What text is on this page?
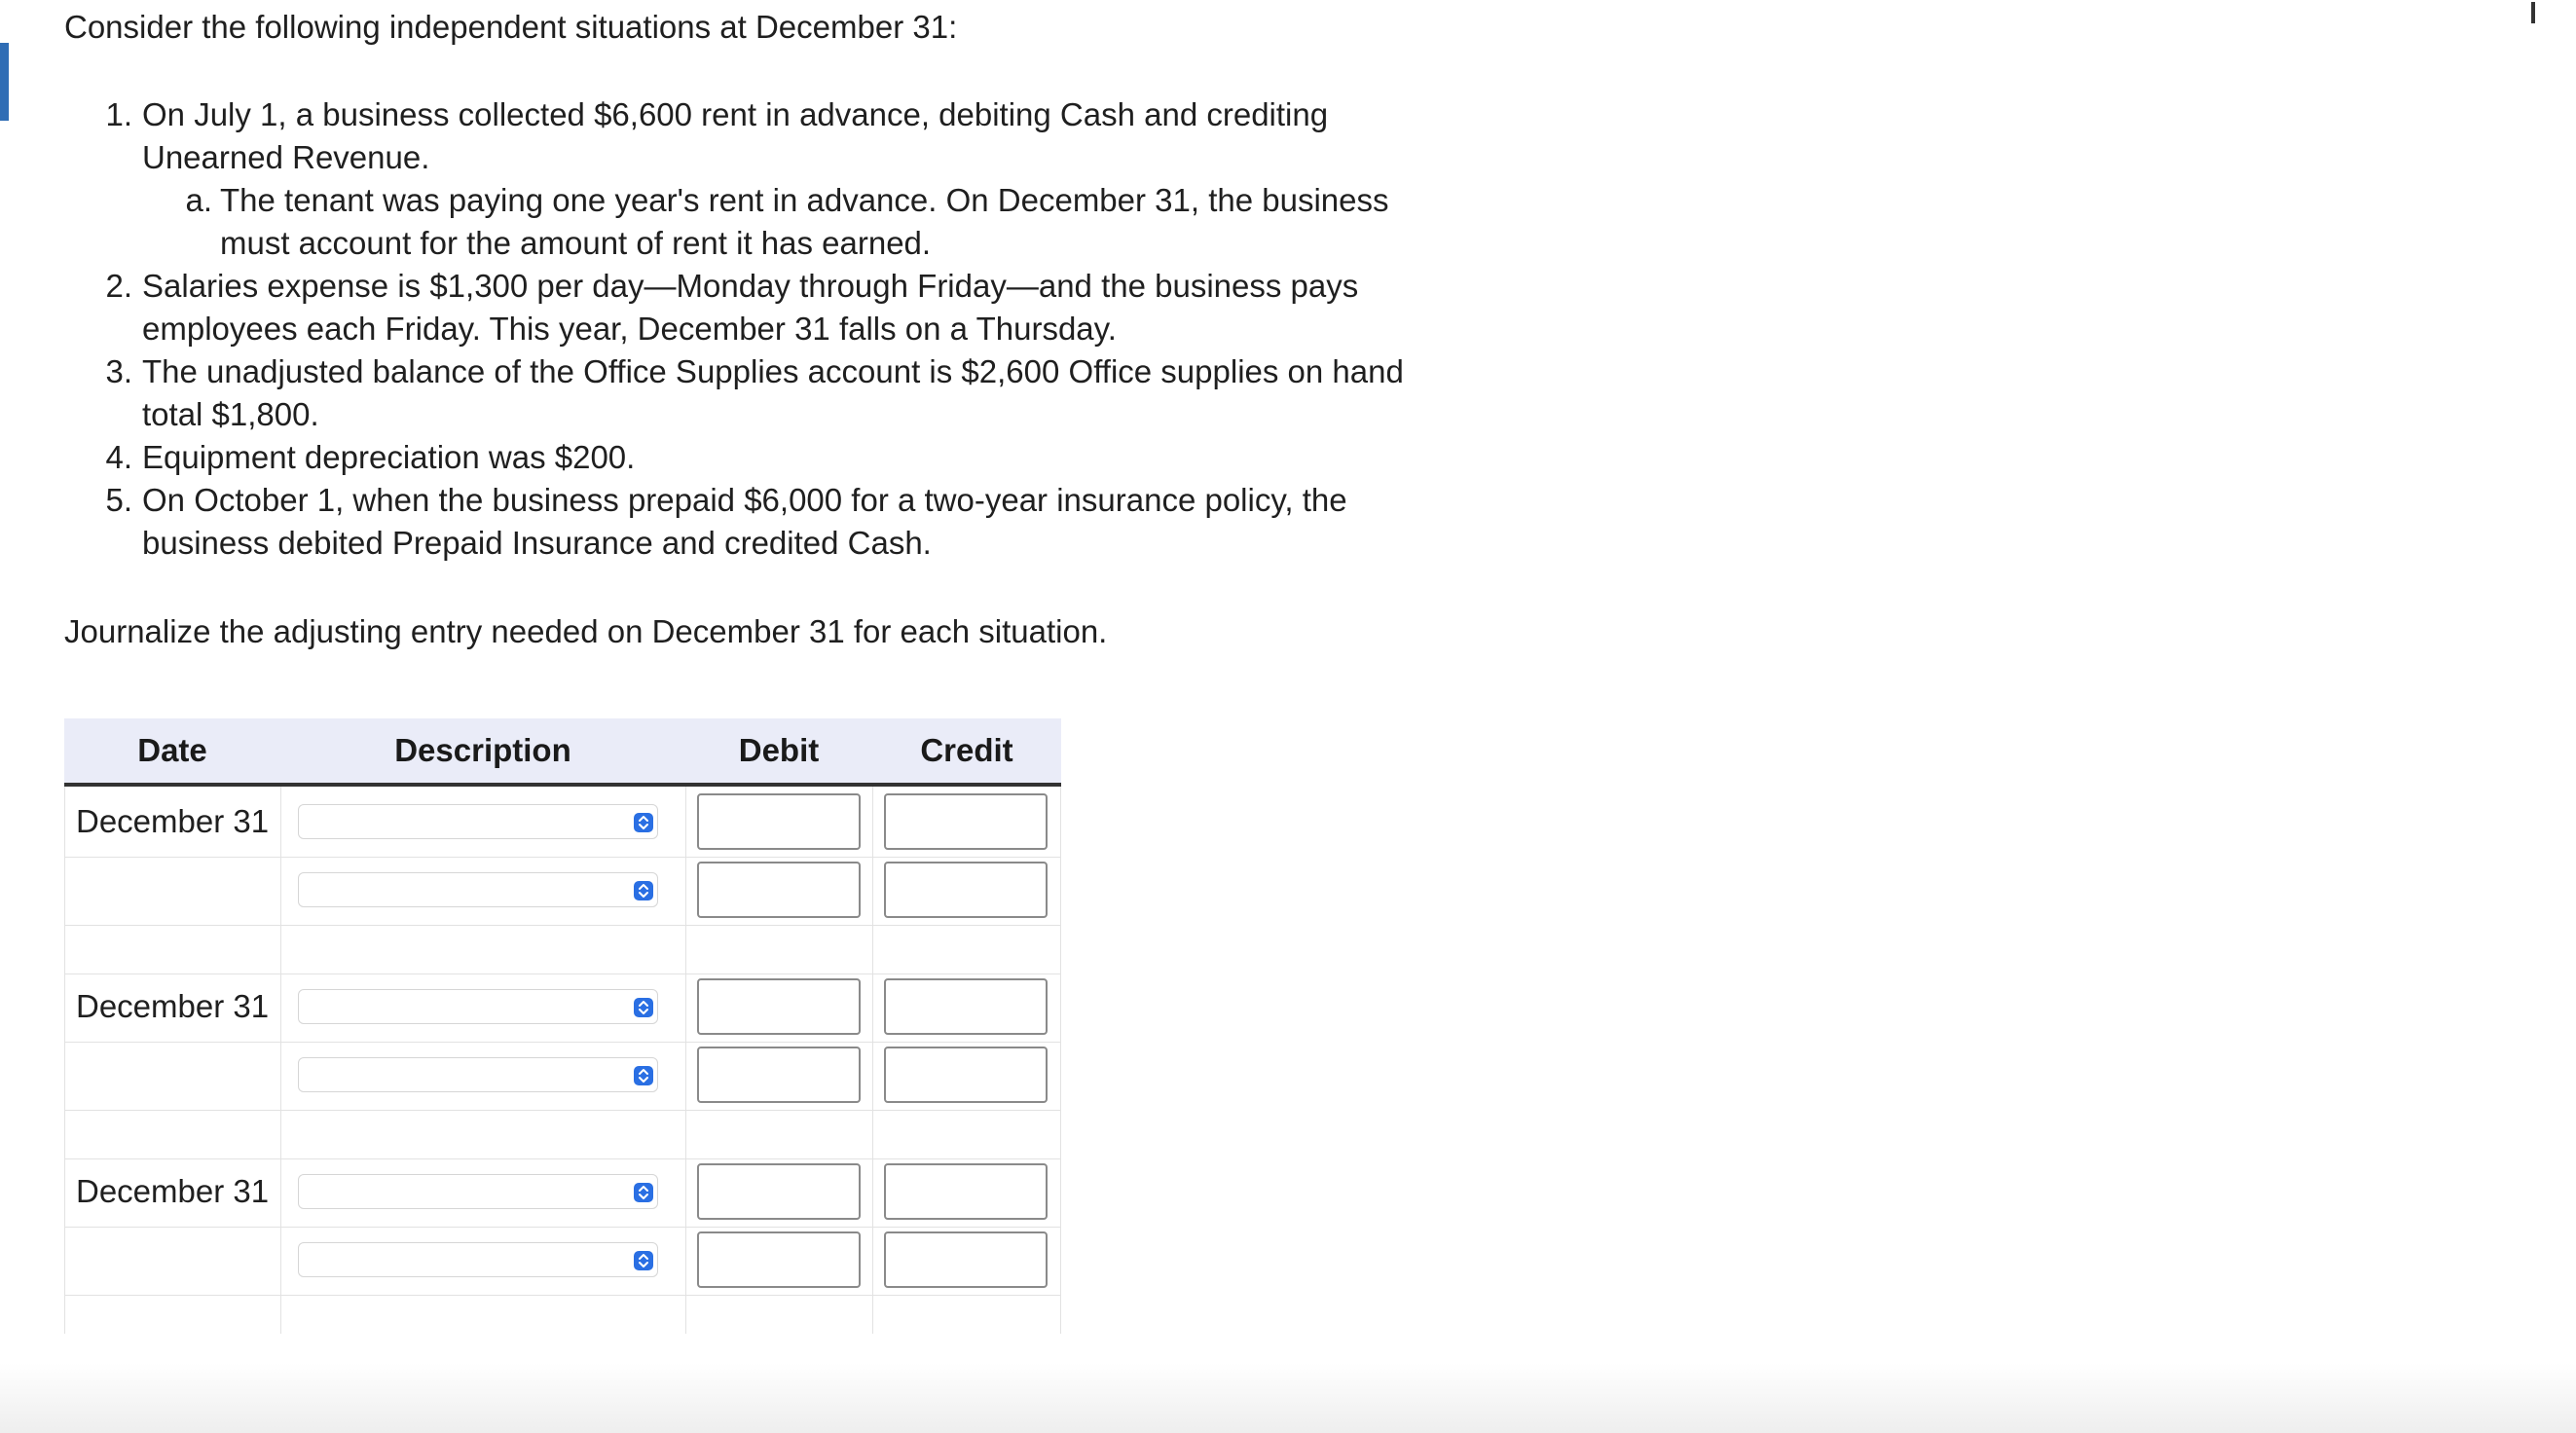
Consider the following independent situations at December 31:
1. On July 1, a business collected $6,600 rent in advance, debiting Cash and crediting
Unearned Revenue.
a. The tenant was paying one year's rent in advance. On December 31, the business
must account for the amount of rent it has earned.
2. Salaries expense is $1,300 per day—Monday through Friday—and the business pays
employees each Friday. This year, December 31 falls on a Thursday.
3. The unadjusted balance of the Office Supplies account is $2,600 Office supplies on hand
total $1,800.
4. Equipment depreciation was $200.
5. On October 1, when the business prepaid $6,000 for a two-year insurance policy, the
business debited Prepaid Insurance and credited Cash.
Journalize the adjusting entry needed on December 31 for each situation.
Date	Description	Debit	Credit
December 31
December 31
December 31
